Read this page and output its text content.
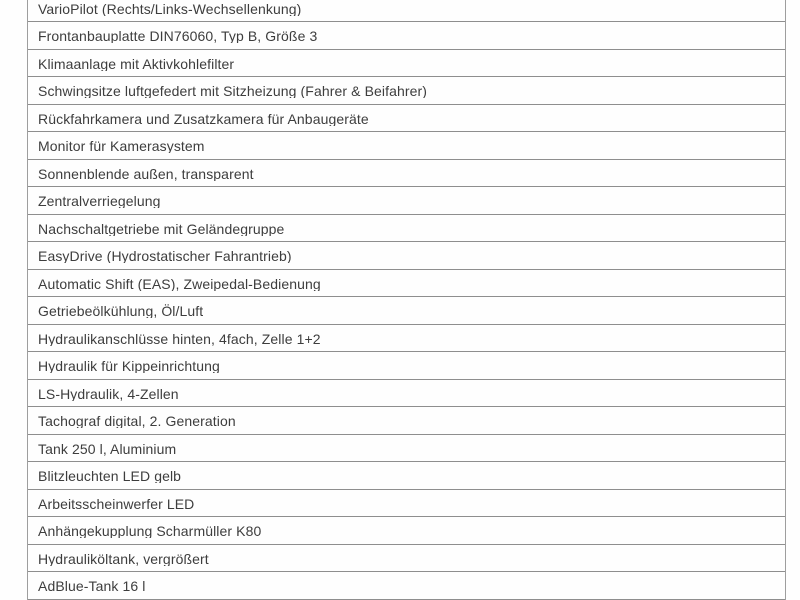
VarioPilot (Rechts/Links-Wechsellenkung)
Frontanbauplatte DIN76060, Typ B, Größe 3
Klimaanlage mit Aktivkohlefilter
Schwingsitze luftgefedert mit Sitzheizung (Fahrer & Beifahrer)
Rückfahrkamera und Zusatzkamera für Anbaugeräte
Monitor für Kamerasystem
Sonnenblende außen, transparent
Zentralverriegelung
Nachschaltgetriebe mit Geländegruppe
EasyDrive (Hydrostatischer Fahrantrieb)
Automatic Shift (EAS), Zweipedal-Bedienung
Getriebeölkühlung, Öl/Luft
Hydraulikanschlüsse hinten, 4fach, Zelle 1+2
Hydraulik für Kippeinrichtung
LS-Hydraulik, 4-Zellen
Tachograf digital, 2. Generation
Tank 250 l, Aluminium
Blitzleuchten LED gelb
Arbeitsscheinwerfer LED
Anhängekupplung Scharmüller K80
Hydrauliköltank, vergrößert
AdBlue-Tank 16 l
